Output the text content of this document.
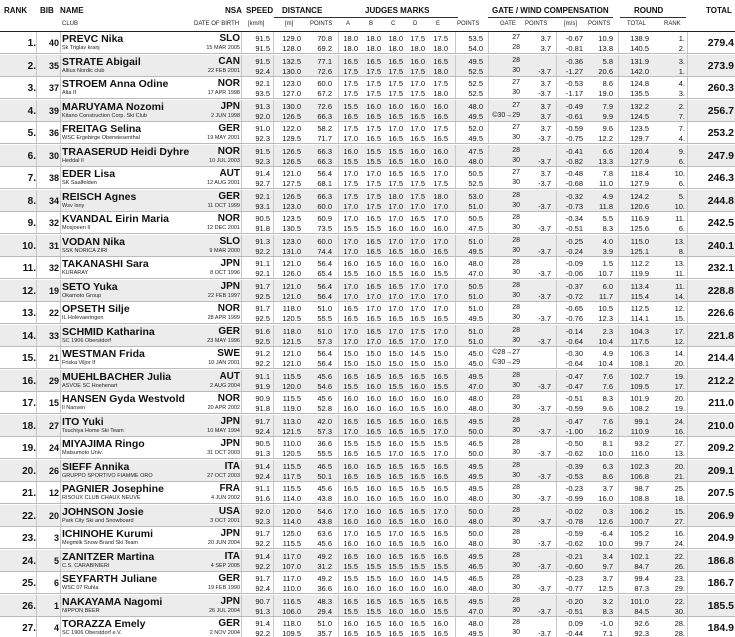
RANK BIB NAME
CLUB
NSA
DATE OF BIRTH
SPEED
[km/h]
DISTANCE
[m]	POINTS
JUDGES MARKS
A	B	C	D	E	POINTS
GATE / WIND COMPENSATION
GATE POINTS	[m/s] POINTS
ROUND
TOTAL	RANK
TOTAL
1.	40 PREVC Nika
Sk Triglav kranj
SLO
15 MAR 2005
91.5	129.0	70.8	18.0	18.0 18.0 17.5	17.5	53.5	27	3.7	-0.67	10.9	138.9	1.
91.5	128.0	69.2	18.0	18.0 18.0 18.0	18.0	54.0	28	3.7	-0.81	13.8	140.5	2.	279.4
2.	35 STRATE Abigail
Altius Nordic club
CAN
22 FEB 2001
91.5	132.5	77.1	16.5	16.5 16.5 16.0	16.5	49.5	28	-0.36	5.8	131.9	3.
92.4	130.0	72.6	17.5	17.5 17.5 17.5	18.0	52.5	30	-3.7	-1.27	20.6	142.0	1.	273.9
3.	37 STROEM Anna Odine
Alta If
NOR
17 APR 1998
92.1	123.0	60.0	17.5	17.5 17.5 17.0	17.5	52.5	27	3.7	-0.53	8.6	124.8	4.
93.5	127.0	67.2	17.5	17.5 17.5 17.5	18.0	52.5	30	-3.7	-1.17	19.0	135.5	3.	260.3
4.	39 MARUYAMA Nozomi
Kitano Construction Corp. Ski Club
JPN
2 JUN 1998
91.3	130.0	72.6	15.5	16.0 16.0 16.0	16.0	48.0	27	3.7	-0.49	7.9	132.2	2.
92.0	126.5	66.3	16.5	16.5 16.5 16.5	16.5	49.5	©30→29	3.7	-0.61	9.9	124.5	7.	256.7
5.	36 FREITAG Selina
WSC Ergebirge Oberwiesenthal
GER
19 MAY 2001
91.0	122.0	58.2	17.5	17.5 17.0 17.0	17.5	52.0	27	3.7	-0.59	9.6	123.5	7.
92.3	129.5	71.7	17.0	16.5 16.5 16.5	16.5	49.5	30	-3.7	-0.75	12.2	129.7	4.	253.2
6.	30 TRAASERUD Heidi Dyhre
Heddal Il
NOR
10 JUL 2003
91.5	126.5	66.3	16.0	15.5 15.5 16.0	16.0	47.5	28	-0.41	6.6	120.4	9.
92.3	126.5	66.3	15.5	15.5 16.5 16.0	16.0	48.0	30	-3.7	-0.82	13.3	127.9	6.	247.9
7.	38 EDER Lisa
SK Saalfelden
AUT
12 AUG 2001
91.4	121.0	56.4	17.0	17.0 16.5 16.5	17.0	50.5	27	3.7	-0.48	7.8	118.4	10.
92.7	127.5	68.1	17.5	17.5 17.5 17.5	17.5	52.5	30	-3.7	-0.68	11.0	127.9	6.	246.3
8.	34 REISCH Agnes
Wsv Isny
GER
11 OCT 1999
92.1	126.5	66.3	17.5	17.5 18.0 17.5	18.0	53.0	28	-0.32	4.9	124.2	5.
93.1	123.0	60.0	17.0	17.5 17.0 17.0	17.0	51.0	30	-3.7	-0.73	11.8	120.6	10.	244.8
9.	32 KVANDAL Eirin Maria
Mosjoeen Il
NOR
12 DEC 2001
90.5	123.5	60.9	17.0	16.5 17.0 16.5	17.0	50.5	28	-0.34	5.5	116.9	11.
91.8	130.5	73.5	15.5	15.5 16.0 16.0	16.0	47.5	30	-3.7	-0.51	8.3	125.6	6.	242.5
10.	31 VODAN Nika
SSK NORICA ZIRI
SLO
9 MAR 2000
91.3	123.0	60.0	17.0	16.5 17.0 17.0	17.0	51.0	28	-0.25	4.0	115.0	13.
92.2	131.0	74.4	17.0	16.5 16.5 16.0	16.5	49.5	30	-3.7	-0.24	3.9	125.1	8.	240.1
11.	32 TAKANASHI Sara
KURARAY
JPN
8 OCT 1996
91.1	121.0	56.4	16.0	16.5 16.0 16.0	16.0	48.0	28	-0.09	1.5	112.2	13.
92.1	126.0	65.4	15.5	16.0 15.5 16.0	15.5	47.0	30	-3.7	-0.06	10.7	119.9	11.	232.1
12.	19 SETO Yuka
Okamoto Group
JPN
22 FEB 1997
91.7	121.0	56.4	17.0	16.5 16.5 17.0	17.0	50.5	28	-0.37	6.0	113.4	11.
92.5	121.0	56.4	17.0	17.0 17.0 17.0	17.0	51.0	30	-3.7	-0.72	11.7	115.4	14.	228.8
13.	22 OPSETH Silje
IL Holevaeringen
NOR
28 APR 1999
91.7	118.0	51.0	16.5	17.0 17.0 17.0	17.0	51.0	28	-0.65	10.5	112.5	12.
92.5	120.5	55.5	16.5	16.5 16.5 16.5	16.5	49.5	30	-3.7	-0.76	12.3	114.1	15.	226.6
14.	33 SCHMID Katharina
SC 1906 Oberstdorf
GER
23 MAY 1996
91.6	118.0	51.0	17.0	16.5 17.0 17.5	17.0	51.0	28	-0.14	2.3	104.3	17.
92.5	121.5	57.3	17.0	17.0 16.5 17.0	17.0	51.0	30	-3.7	-0.64	10.4	117.5	12.	221.8
15.	21 WESTMAN Frida
Friska Viljor If
SWE
10 JAN 2001
91.2	121.0	56.4	15.0	15.0 15.0 14.5	15.0	45.0	©28→27	-0.30	4.9	106.3	14.
92.2	121.0	56.4	15.0	15.0 15.0 15.0	15.0	45.0	©30→29	-0.64	10.4	108.1	20.	214.4
16.	29 MUEHLBACHER Julia
ASVOE SC Hoehenart
AUT
2 AUG 2004
91.1	115.5	45.6	16.5	16.5 16.5 16.5	16.5	49.5	28	-0.47	7.6	102.7	19.
91.9	120.0	54.6	15.5	16.0 15.5 16.0	15.5	47.0	30	-3.7	-0.47	7.6	109.5	17.	212.2
17.	15 HANSEN Gyda Westvold
Il Nansen
NOR
20 APR 2002
90.9	115.5	45.6	16.0	16.0 16.0 16.0	16.0	48.0	28	-0.51	8.3	101.9	20.
91.8	119.0	52.8	16.0	16.0 16.0 16.5	16.0	48.0	30	-3.7	-0.59	9.6	108.2	19.	211.0
18.	27 ITO Yuki
Tsuchiya Home Ski Team
JPN
10 MAY 1994
91.7	113.0	42.0	16.5	16.5 16.5 16.0	16.5	49.5	28	-0.47	7.6	99.1	24.
92.4	121.5	57.3	17.0	16.5 16.5 16.5	17.0	50.0	30	-3.7	-1.00	16.2	110.9	16.	210.0
19.	24 MIYAJIMA Ringo
Matsumoto Univ.
JPN
31 OCT 2003
90.5	110.0	36.6	15.5	15.5 16.0 15.5	15.5	46.5	28	-0.50	8.1	93.2	27.
91.3	120.5	55.5	16.5	16.5 17.0 16.5	17.0	50.0	30	-3.7	-0.62	10.0	116.0	13.	209.2
20.	26 SIEFF Annika
GRUPPO SPORTIVO FIAMME ORO
ITA
27 OCT 2003
91.4	115.5	46.5	16.0	16.5 16.5 16.5	16.5	49.5	28	-0.39	6.3	102.3	20.
92.4	117.5	50.1	16.5	16.5 16.5 16.5	16.5	49.5	30	-3.7	-0.53	8.6	106.8	21.	209.1
21.	12 PAGNIER Josephine
RISOUX CLUB CHAUX NEUVE
FRA
4 JUN 2002
91.1	115.5	45.6	16.5	16.0 16.5 16.5	16.5	49.5	28	-0.23	3.7	98.7	25.
91.6	114.0	43.8	16.0	16.0 16.5 16.0	16.0	48.0	30	-3.7	-0.99	16.0	108.8	18.	207.5
22.	20 JOHNSON Josie
Park City Ski and Snowboard
USA
3 OCT 2001
92.0	120.0	54.6	17.0	16.0 16.5 16.5	17.0	50.0	28	-0.02	0.3	106.2	15.
92.3	114.0	43.8	16.0	16.0 16.5 16.0	16.0	48.0	30	-3.7	-0.78	12.6	100.7	27.	206.9
23.	3 ICHINOHE Kurumi
Megmilk Snow Brand Ski Team
JPN
20 JUN 2004
91.7	125.0	63.6	17.0	16.5 17.0 16.5	16.5	50.0	28	-0.59	-6.4	105.2	16.
92.2	115.5	45.6	16.0	16.0 16.5 16.5	16.0	48.0	30	-3.7	-0.62	10.0	99.7	24.	204.9
24.	5 ZANITZER Martina
C.S. CARABINIERI
ITA
4 SEP 2005
91.4	117.0	49.2	16.5	16.0 16.5 16.5	16.5	49.5	28	-0.21	3.4	102.1	22.
92.2	107.0	31.2	15.5	15.5 15.5 15.5	15.5	46.5	30	-3.7	-0.60	9.7	84.7	26.	186.8
25.	6 SEYFARTH Juliane
WSC 07 Ruhla
GER
19 FEB 1990
91.7	117.0	49.2	15.5	15.5 16.0 16.0	14.5	46.5	28	-0.23	3.7	99.4	23.
92.4	110.0	36.6	16.0	16.0 16.0 16.0	16.0	48.0	30	-3.7	-0.77	12.5	87.3	29.	186.7
26.	1 NAKAYAMA Nagomi
NIPPON BEER
JPN
26 JUL 2004
90.7	116.5	48.3	16.5	16.5 16.5 16.5	16.5	49.5	28	-0.20	3.2	101.0	22.
91.3	106.0	29.4	15.5	15.5 16.0 16.0	15.5	47.0	30	-3.7	-0.51	8.3	84.5	30.	185.5
27.	4 TORAZZA Emely
SC 1906 Oberstdorf e.V.
GER
2 NOV 2004
91.4	118.0	51.0	16.0	16.5 16.0 16.5	16.0	48.0	28	0.09	-1.0	92.6	28.
92.2	109.5	35.7	16.5	16.5 16.5 16.5	16.5	49.5	30	-3.7	-0.44	7.1	92.3	28.	184.9
